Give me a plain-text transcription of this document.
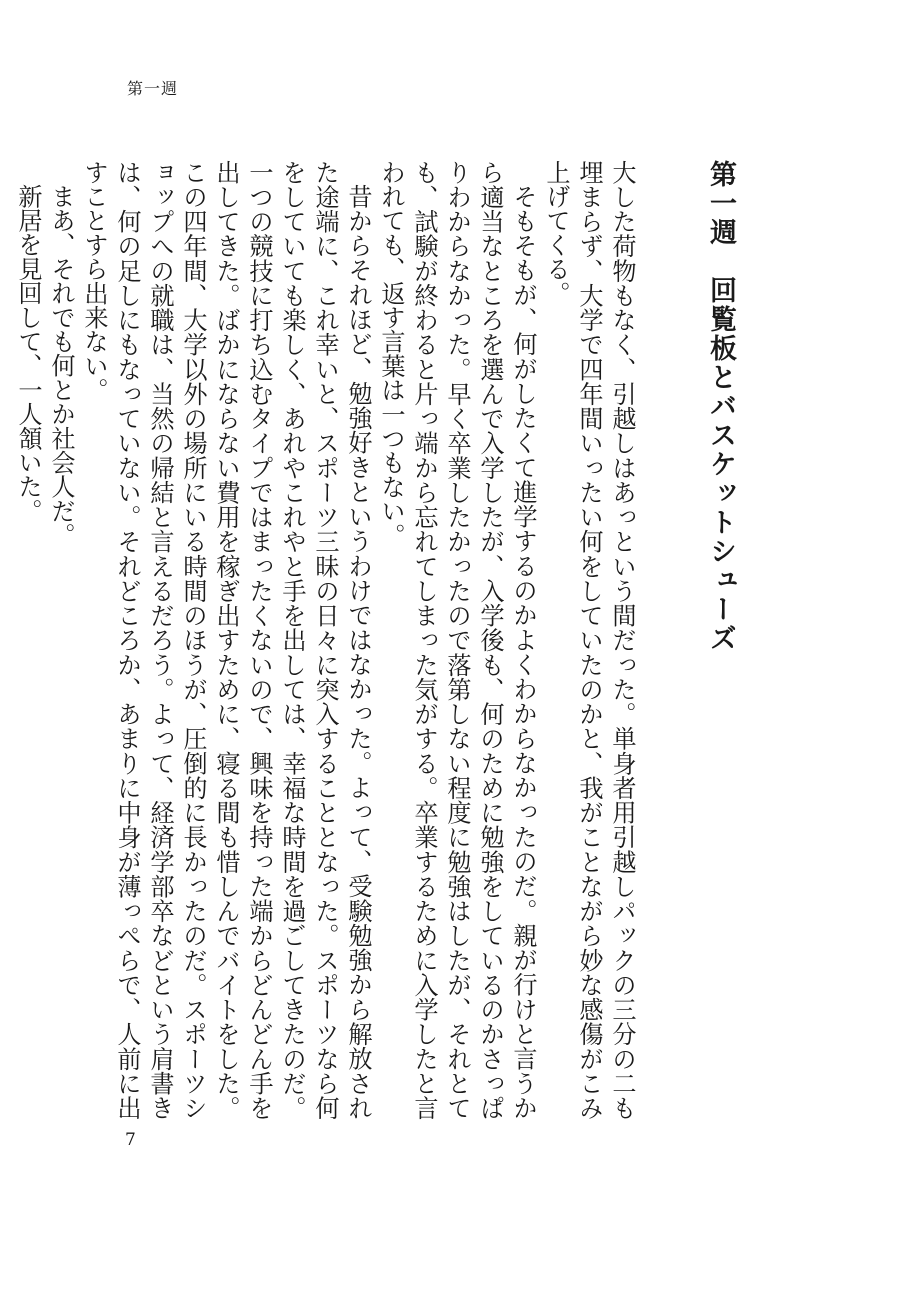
第一週
第一週　回覧板とバスケットシューズ

大した荷物もなく、引越しはあっという間だった。単身者用引越しパックの三分の二も埋まらず、大学で四年間いったい何をしていたのかと、我がことながら妙な感傷がこみ上げてくる。

そもそもが、何がしたくて進学するのかよくわからなかったのだ。親が行けと言うから適当なところを選んで入学したが、入学後も、何のために勉強をしているのかさっぱりわからなかった。早く卒業したかったので落第しない程度に勉強はしたが、それとても、試験が終わると片っ端から忘れてしまった気がする。卒業するために入学したと言われても、返す言葉は一つもない。

昔からそれほど、勉強好きというわけではなかった。よって、受験勉強から解放された途端に、これ幸いと、スポーツ三昧の日々に突入することとなった。スポーツなら何をしていても楽しく、あれやこれやと手を出しては、幸福な時間を過ごしてきたのだ。一つの競技に打ち込むタイプではまったくないので、興味を持った端からどんどん手を出してきた。ばかにならない費用を稼ぎ出すために、寝る間も惜しんでバイトをした。この四年間、大学以外の場所にいる時間のほうが、圧倒的に長かったのだ。スポーツショップへの就職は、当然の帰結と言えるだろう。よって、経済学部卒などという肩書きは、何の足しにもなっていない。それどころか、あまりに中身が薄っぺらで、人前に出すことすら出来ない。

まあ、それでも何とか社会人だ。

新居を見回して、一人頷いた。

7
